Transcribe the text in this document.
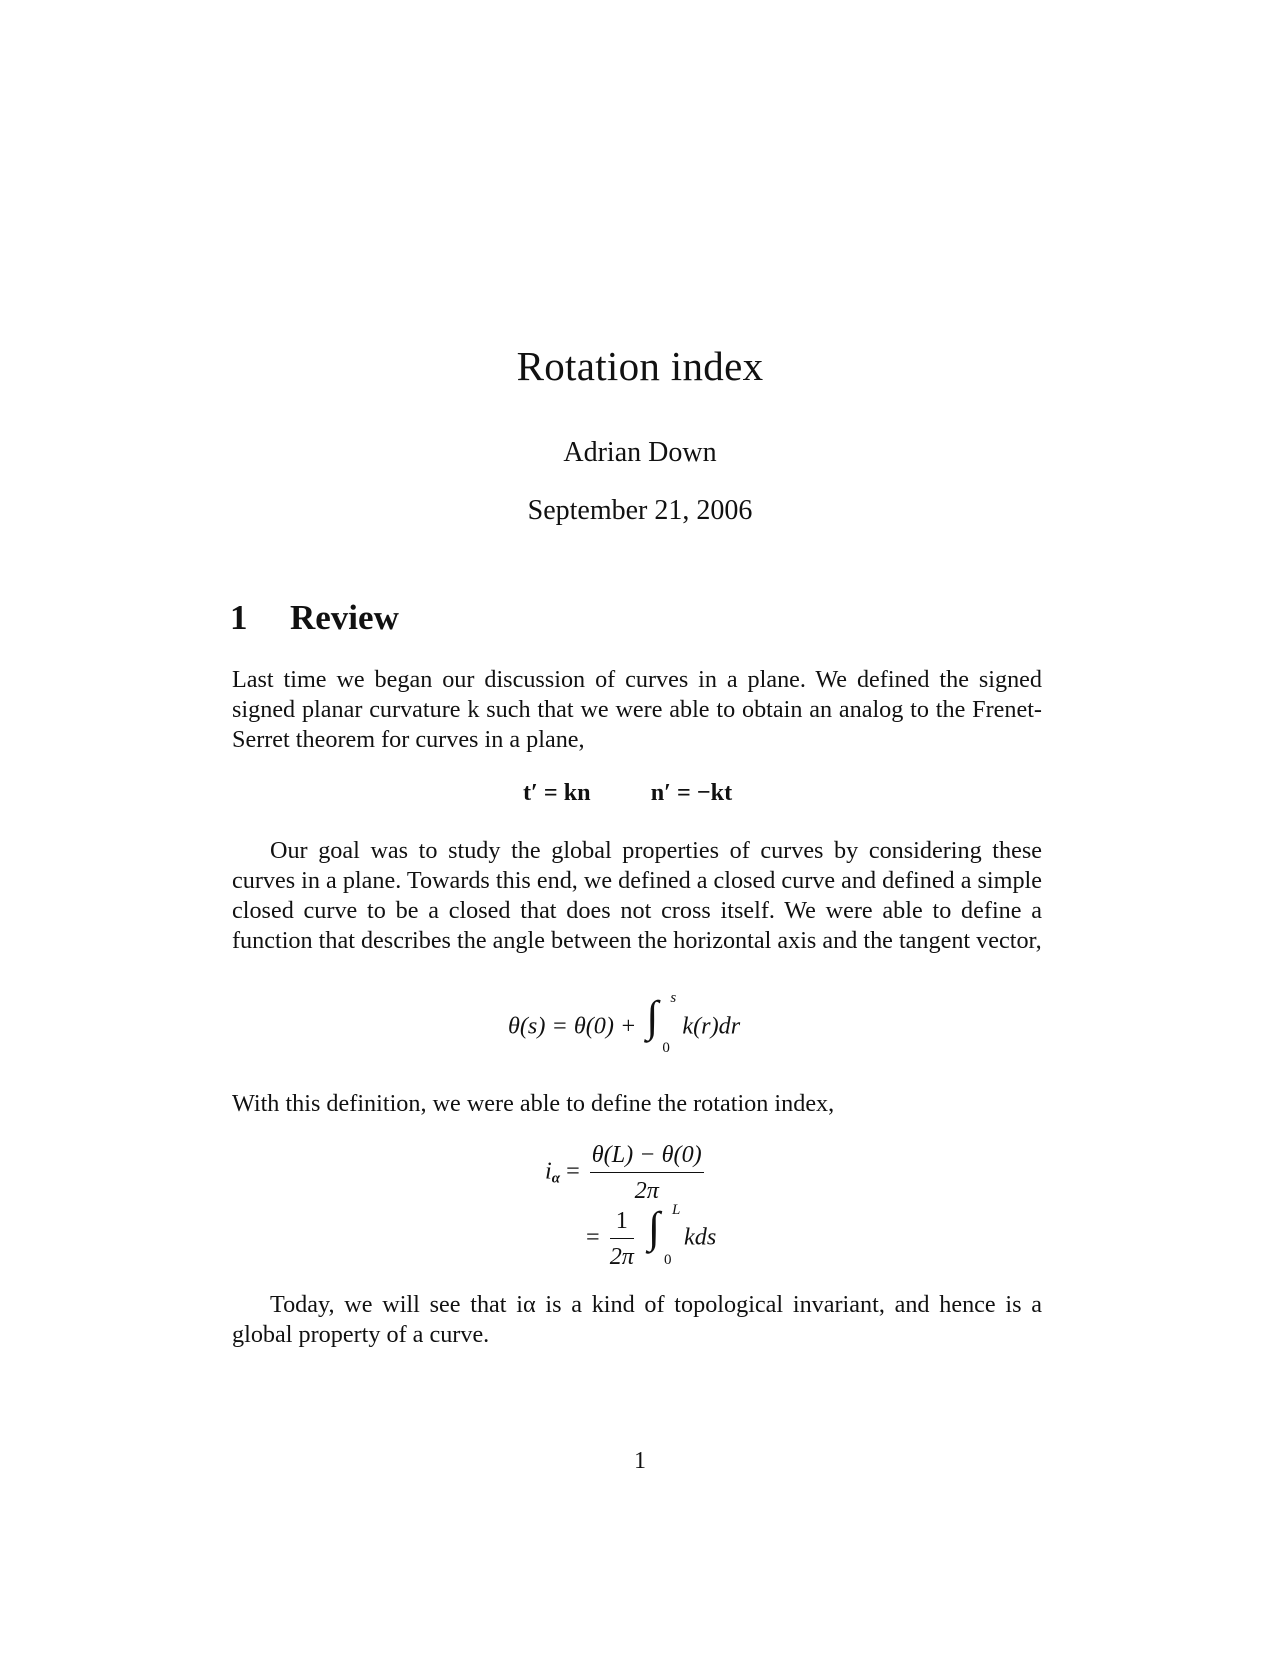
Rotation index
Adrian Down
September 21, 2006
1 Review

Last time we began our discussion of curves in a plane. We defined the signed signed planar curvature k such that we were able to obtain an analog to the Frenet-Serret theorem for curves in a plane,

t′ = kn n′ = −kt

Our goal was to study the global properties of curves by considering these curves in a plane. Towards this end, we defined a closed curve and defined a simple closed curve to be a closed that does not cross itself. We were able to define a function that describes the angle between the horizontal axis and the tangent vector,

θ(s) = θ(0) + ∫ s
0
k(r)dr

With this definition, we were able to define the rotation index,

$i\alpha = \frac{\theta(L) - \theta(0)}{2\pi}$
= $\frac{1}{2\pi}$
∫ L
0
kds

Today, we will see that iα is a kind of topological invariant, and hence is a global property of a curve.

1
